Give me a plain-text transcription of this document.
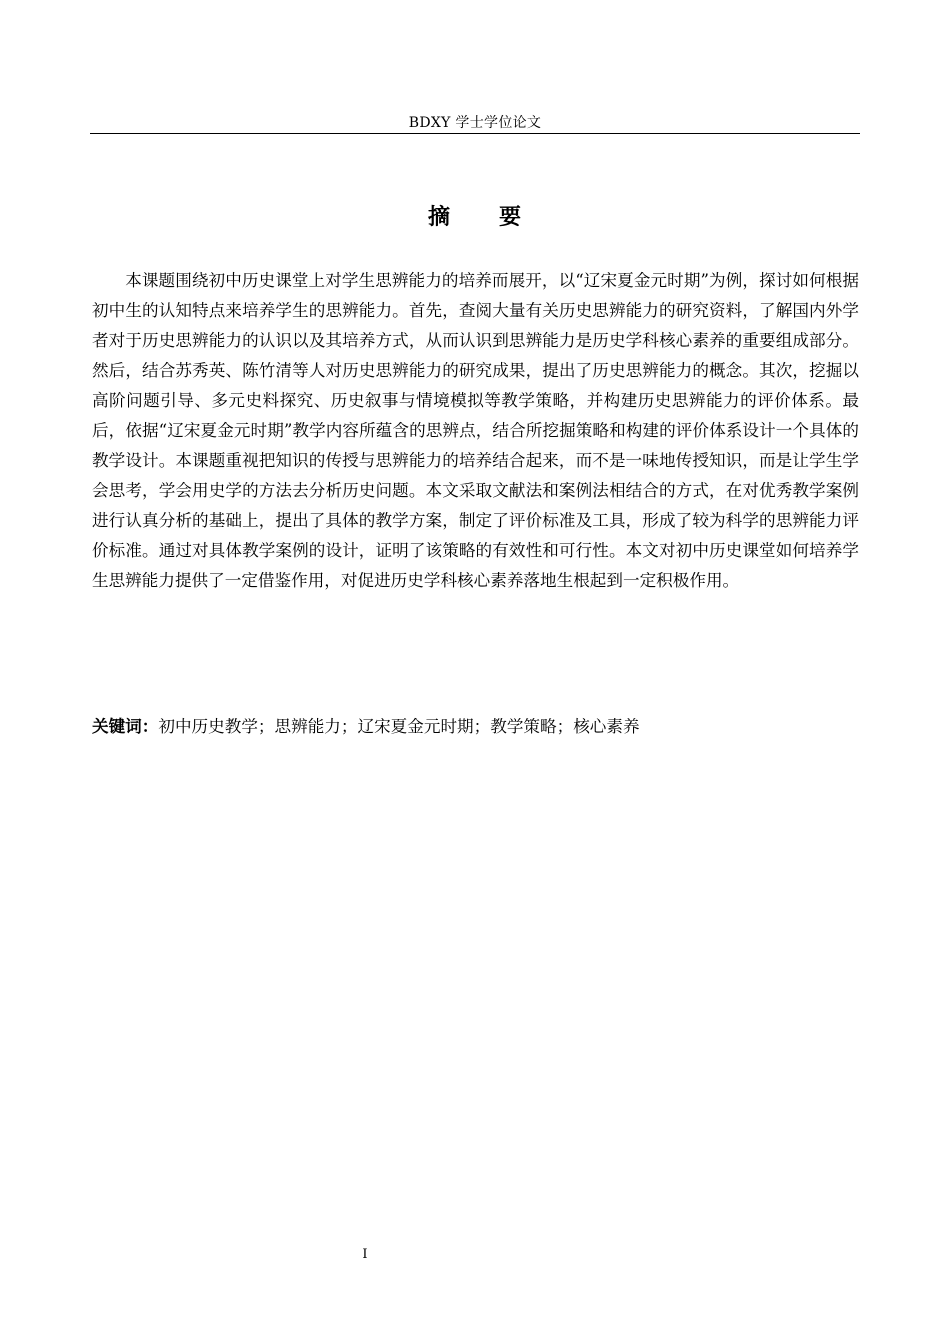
BDXY 学士学位论文
摘 要

本课题围绕初中历史课堂上对学生思辨能力的培养而展开，以“辽宋夏金元时期”为例，探讨如何根据初中生的认知特点来培养学生的思辨能力。首先，查阅大量有关历史思辨能力的研究资料，了解国内外学者对于历史思辨能力的认识以及其培养方式，从而认识到思辨能力是历史学科核心素养的重要组成部分。然后，结合苏秀英、陈竹清等人对历史思辨能力的研究成果，提出了历史思辨能力的概念。其次，挖掘以高阶问题引导、多元史料探究、历史叙事与情境模拟等教学策略，并构建历史思辨能力的评价体系。最后，依据“辽宋夏金元时期”教学内容所蕴含的思辨点，结合所挖掘策略和构建的评价体系设计一个具体的教学设计。本课题重视把知识的传授与思辨能力的培养结合起来，而不是一味地传授知识，而是让学生学会思考，学会用史学的方法去分析历史问题。本文采取文献法和案例法相结合的方式，在对优秀教学案例进行认真分析的基础上，提出了具体的教学方案，制定了评价标准及工具，形成了较为科学的思辨能力评价标准。通过对具体教学案例的设计，证明了该策略的有效性和可行性。本文对初中历史课堂如何培养学生思辨能力提供了一定借鉴作用，对促进历史学科核心素养落地生根起到一定积极作用。

关键词：初中历史教学；思辨能力；辽宋夏金元时期；教学策略；核心素养
I
